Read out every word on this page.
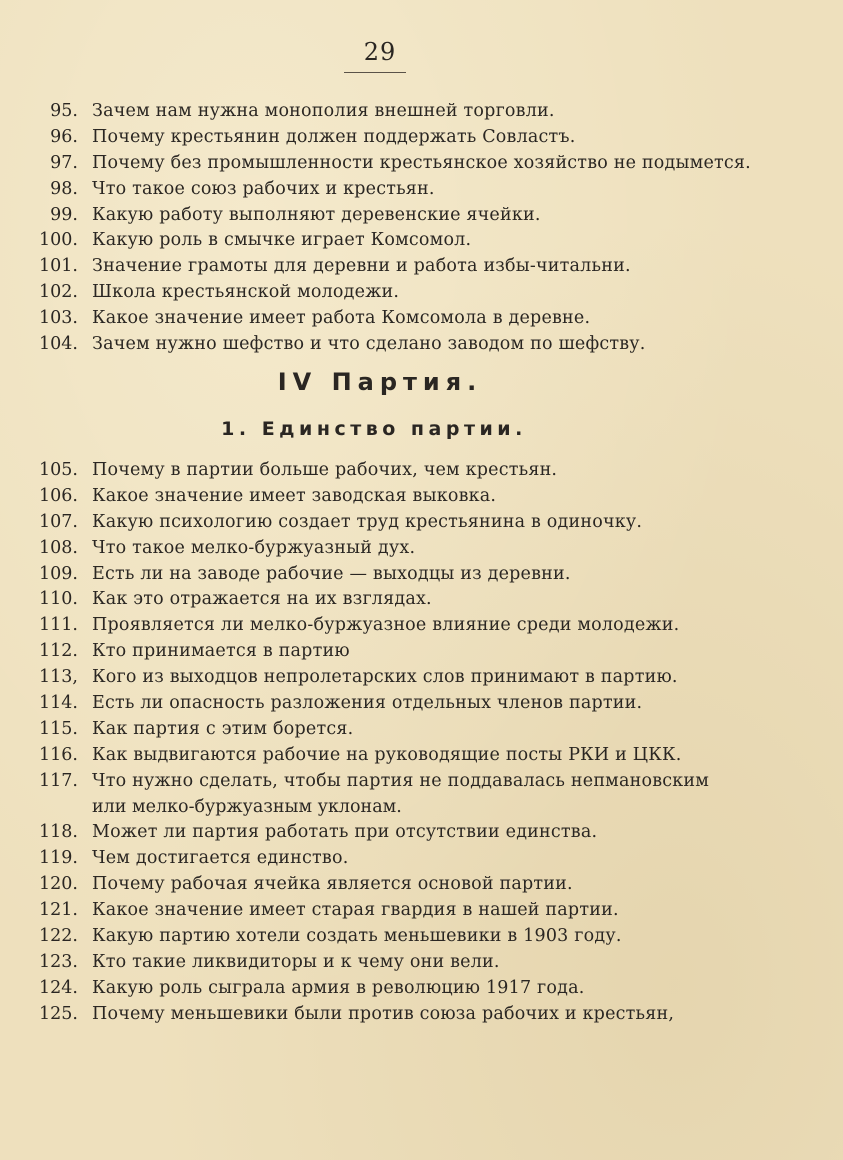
29
95. Зачем нам нужна монополия внешней торговли.
96. Почему крестьянин должен поддержать Совластъ.
97. Почему без промышленности крестьянское хозяйство не подымется.
98. Что такое союз рабочих и крестьян.
99. Какую работу выполняют деревенские ячейки.
100. Какую роль в смычке играет Комсомол.
101. Значение грамоты для деревни и работа избы-читальни.
102. Школа крестьянской молодежи.
103. Какое значение имеет работа Комсомола в деревне.
104. Зачем нужно шефство и что сделано заводом по шефству.
IV Партия.
1. Единство партии.
105. Почему в партии больше рабочих, чем крестьян.
106. Какое значение имеет заводская выковка.
107. Какую психологию создает труд крестьянина в одиночку.
108. Что такое мелко-буржуазный дух.
109. Есть ли на заводе рабочие — выходцы из деревни.
110. Как это отражается на их взглядах.
111. Проявляется ли мелко-буржуазное влияние среди молодежи.
112. Кто принимается в партию
113, Кого из выходцов непролетарских слов принимают в партию.
114. Есть ли опасность разложения отдельных членов партии.
115. Как партия с этим борется.
116. Как выдвигаются рабочие на руководящие посты РКИ и ЦКК.
117. Что нужно сделать, чтобы партия не поддавалась непмановским
или мелко-буржуазным уклонам.
118. Может ли партия работать при отсутствии единства.
119. Чем достигается единство.
120. Почему рабочая ячейка является основой партии.
121. Какое значение имеет старая гвардия в нашей партии.
122. Какую партию хотели создать меньшевики в 1903 году.
123. Кто такие ликвидиторы и к чему они вели.
124. Какую роль сыграла армия в революцию 1917 года.
125. Почему меньшевики были против союза рабочих и крестьян,
